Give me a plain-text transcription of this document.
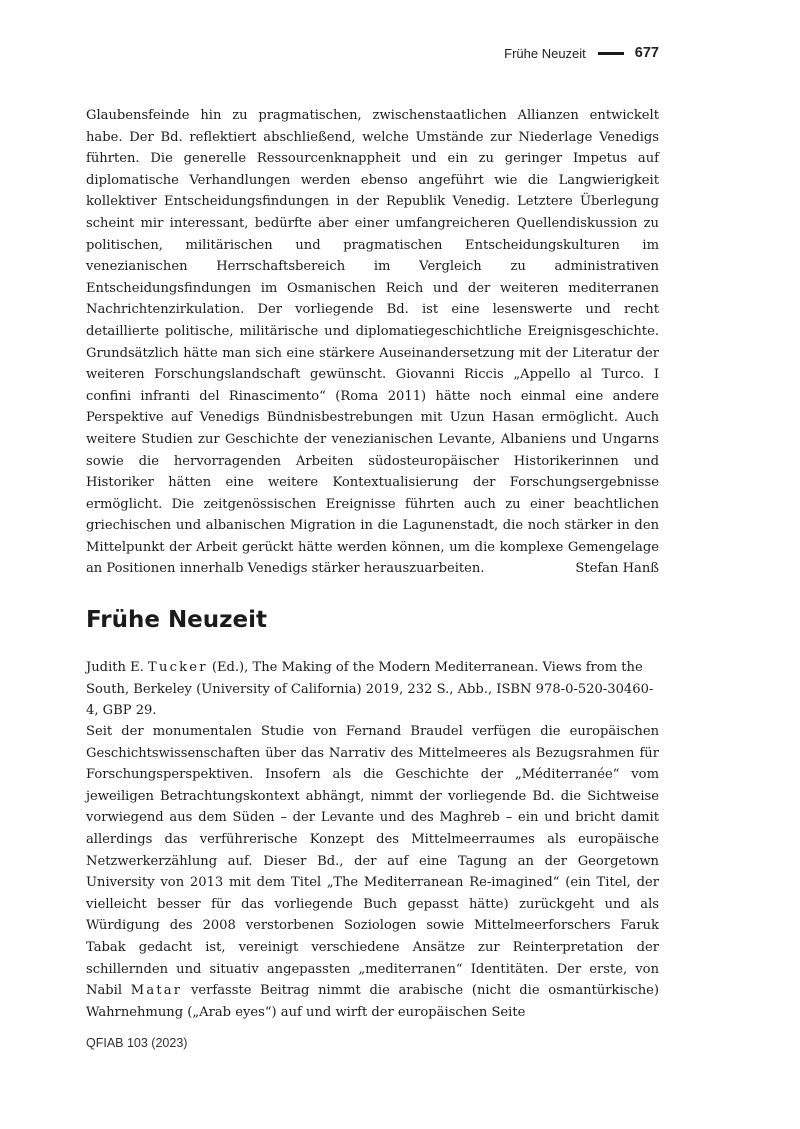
Frühe Neuzeit	677
Glaubensfeinde hin zu pragmatischen, zwischenstaatlichen Allianzen entwickelt habe. Der Bd. reflektiert abschließend, welche Umstände zur Niederlage Venedigs führten. Die generelle Ressourcenknappheit und ein zu geringer Impetus auf diplomatische Verhandlungen werden ebenso angeführt wie die Langwierigkeit kollektiver Entscheidungsfindungen in der Republik Venedig. Letztere Überlegung scheint mir interessant, bedürfte aber einer umfangreicheren Quellendiskussion zu politischen, militärischen und pragmatischen Entscheidungskulturen im venezianischen Herrschaftsbereich im Vergleich zu administrativen Entscheidungsfindungen im Osmanischen Reich und der weiteren mediterranen Nachrichtenzirkulation. Der vorliegende Bd. ist eine lesenswerte und recht detaillierte politische, militärische und diplomatiegeschichtliche Ereignisgeschichte. Grundsätzlich hätte man sich eine stärkere Auseinandersetzung mit der Literatur der weiteren Forschungslandschaft gewünscht. Giovanni Riccis „Appello al Turco. I confini infranti del Rinascimento“ (Roma 2011) hätte noch einmal eine andere Perspektive auf Venedigs Bündnisbestrebungen mit Uzun Hasan ermöglicht. Auch weitere Studien zur Geschichte der venezianischen Levante, Albaniens und Ungarns sowie die hervorragenden Arbeiten südosteuropäischer Historikerinnen und Historiker hätten eine weitere Kontextualisierung der Forschungsergebnisse ermöglicht. Die zeitgenössischen Ereignisse führten auch zu einer beachtlichen griechischen und albanischen Migration in die Lagunenstadt, die noch stärker in den Mittelpunkt der Arbeit gerückt hätte werden können, um die komplexe Gemengelage an Positionen innerhalb Venedigs stärker herauszuarbeiten.	Stefan Hanß
Frühe Neuzeit
Judith E. Tucker (Ed.), The Making of the Modern Mediterranean. Views from the South, Berkeley (University of California) 2019, 232 S., Abb., ISBN 978-0-520-30460-4, GBP 29.
Seit der monumentalen Studie von Fernand Braudel verfügen die europäischen Geschichtswissenschaften über das Narrativ des Mittelmeeres als Bezugsrahmen für Forschungsperspektiven. Insofern als die Geschichte der „Méditerranée“ vom jeweiligen Betrachtungskontext abhängt, nimmt der vorliegende Bd. die Sichtweise vorwiegend aus dem Süden – der Levante und des Maghreb – ein und bricht damit allerdings das verführerische Konzept des Mittelmeerraumes als europäische Netzwerkerzählung auf. Dieser Bd., der auf eine Tagung an der Georgetown University von 2013 mit dem Titel „The Mediterranean Re-imagined“ (ein Titel, der vielleicht besser für das vorliegende Buch gepasst hätte) zurückgeht und als Würdigung des 2008 verstorbenen Soziologen sowie Mittelmeerforschers Faruk Tabak gedacht ist, vereinigt verschiedene Ansätze zur Reinterpretation der schillernden und situativ angepassten „mediterranen“ Identitäten. Der erste, von Nabil Matar verfasste Beitrag nimmt die arabische (nicht die osmantürkische) Wahrnehmung („Arab eyes“) auf und wirft der europäischen Seite
QFIAB 103 (2023)
